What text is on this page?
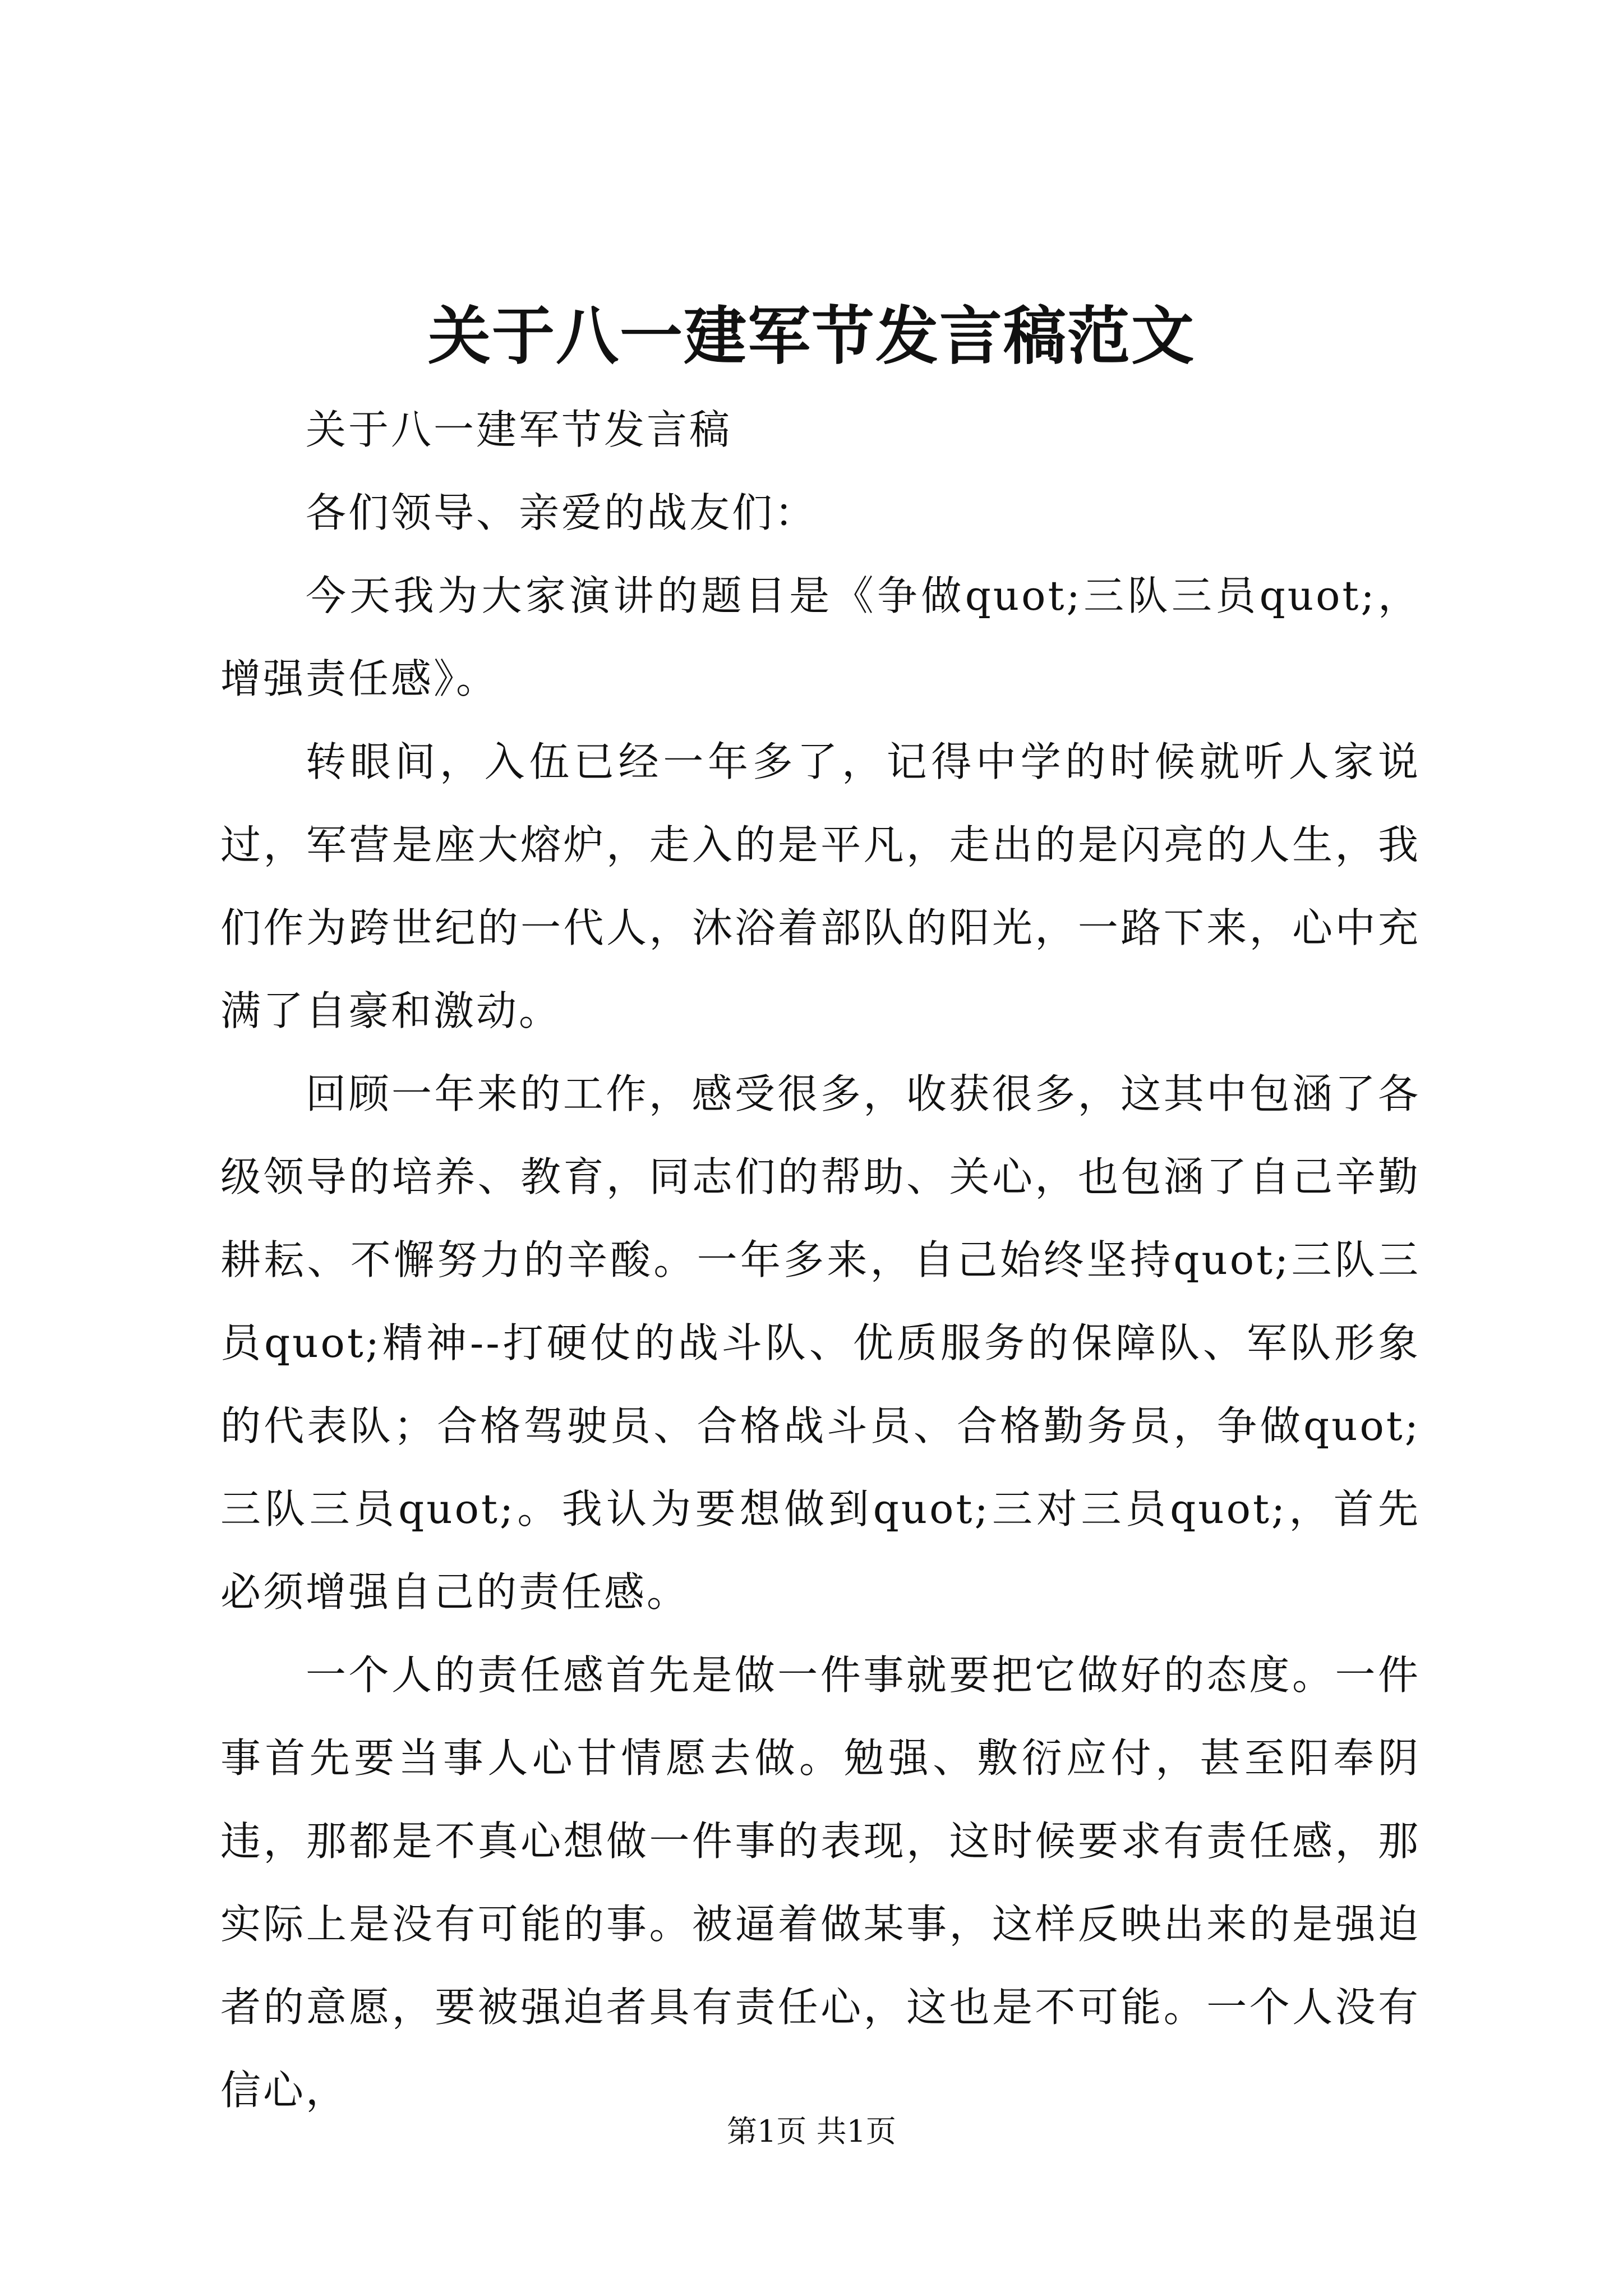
关于八一建军节发言稿范文

关于八一建军节发言稿

各们领导、亲爱的战友们：

今天我为大家演讲的题目是《争做quot;三队三员quot;，增强责任感》。

转眼间，入伍已经一年多了，记得中学的时候就听人家说过，军营是座大熔炉，走入的是平凡，走出的是闪亮的人生，我们作为跨世纪的一代人，沐浴着部队的阳光，一路下来，心中充满了自豪和激动。

回顾一年来的工作，感受很多，收获很多，这其中包涵了各级领导的培养、教育，同志们的帮助、关心，也包涵了自己辛勤耕耘、不懈努力的辛酸。一年多来，自己始终坚持quot;三队三员quot;精神--打硬仗的战斗队、优质服务的保障队、军队形象的代表队；合格驾驶员、合格战斗员、合格勤务员，争做quot;三队三员quot;。我认为要想做到quot;三对三员quot;，首先必须增强自己的责任感。

一个人的责任感首先是做一件事就要把它做好的态度。一件事首先要当事人心甘情愿去做。勉强、敷衍应付，甚至阳奉阴违，那都是不真心想做一件事的表现，这时候要求有责任感，那实际上是没有可能的事。被逼着做某事，这样反映出来的是强迫者的意愿，要被强迫者具有责任心，这也是不可能。一个人没有信心，

第1页 共1页
